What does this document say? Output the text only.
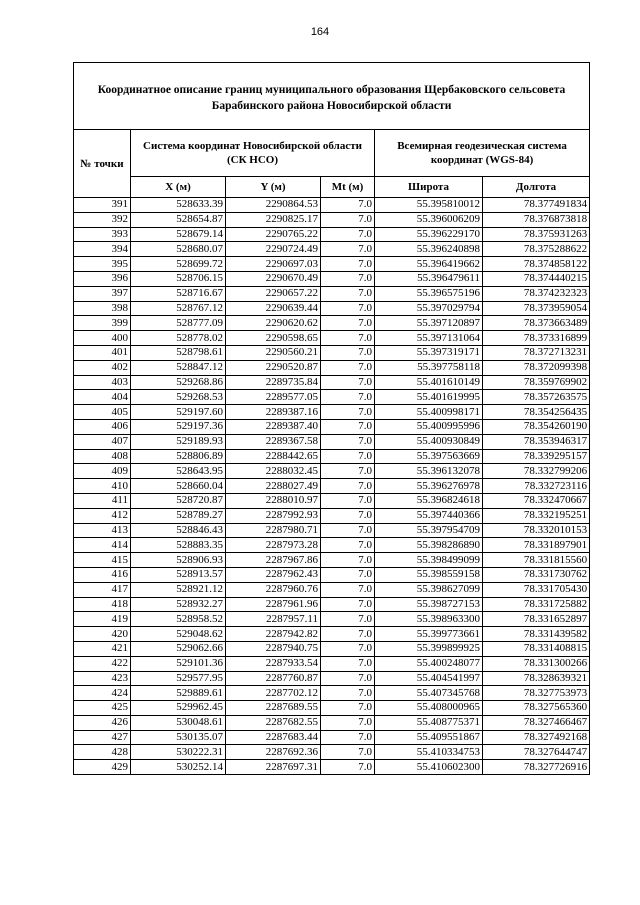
164
Координатное описание границ муниципального образования Щербаковского сельсовета Барабинского района Новосибирской области					
№ точки	Система координат Новосибирской области (СК НСО)			Всемирная геодезическая система координат (WGS-84)	
	X (м)	Y (м)	Mt (м)	Широта	Долгота
391	528633.39	2290864.53	7.0	55.395810012	78.377491834
392	528654.87	2290825.17	7.0	55.396006209	78.376873818
393	528679.14	2290765.22	7.0	55.396229170	78.375931263
394	528680.07	2290724.49	7.0	55.396240898	78.375288622
395	528699.72	2290697.03	7.0	55.396419662	78.374858122
396	528706.15	2290670.49	7.0	55.396479611	78.374440215
397	528716.67	2290657.22	7.0	55.396575196	78.374232323
398	528767.12	2290639.44	7.0	55.397029794	78.373959054
399	528777.09	2290620.62	7.0	55.397120897	78.373663489
400	528778.02	2290598.65	7.0	55.397131064	78.373316899
401	528798.61	2290560.21	7.0	55.397319171	78.372713231
402	528847.12	2290520.87	7.0	55.397758118	78.372099398
403	529268.86	2289735.84	7.0	55.401610149	78.359769902
404	529268.53	2289577.05	7.0	55.401619995	78.357263575
405	529197.60	2289387.16	7.0	55.400998171	78.354256435
406	529197.36	2289387.40	7.0	55.400995996	78.354260190
407	529189.93	2289367.58	7.0	55.400930849	78.353946317
408	528806.89	2288442.65	7.0	55.397563669	78.339295157
409	528643.95	2288032.45	7.0	55.396132078	78.332799206
410	528660.04	2288027.49	7.0	55.396276978	78.332723116
411	528720.87	2288010.97	7.0	55.396824618	78.332470667
412	528789.27	2287992.93	7.0	55.397440366	78.332195251
413	528846.43	2287980.71	7.0	55.397954709	78.332010153
414	528883.35	2287973.28	7.0	55.398286890	78.331897901
415	528906.93	2287967.86	7.0	55.398499099	78.331815560
416	528913.57	2287962.43	7.0	55.398559158	78.331730762
417	528921.12	2287960.76	7.0	55.398627099	78.331705430
418	528932.27	2287961.96	7.0	55.398727153	78.331725882
419	528958.52	2287957.11	7.0	55.398963300	78.331652897
420	529048.62	2287942.82	7.0	55.399773661	78.331439582
421	529062.66	2287940.75	7.0	55.399899925	78.331408815
422	529101.36	2287933.54	7.0	55.400248077	78.331300266
423	529577.95	2287760.87	7.0	55.404541997	78.328639321
424	529889.61	2287702.12	7.0	55.407345768	78.327753973
425	529962.45	2287689.55	7.0	55.408000965	78.327565360
426	530048.61	2287682.55	7.0	55.408775371	78.327466467
427	530135.07	2287683.44	7.0	55.409551867	78.327492168
428	530222.31	2287692.36	7.0	55.410334753	78.327644747
429	530252.14	2287697.31	7.0	55.410602300	78.327726916
